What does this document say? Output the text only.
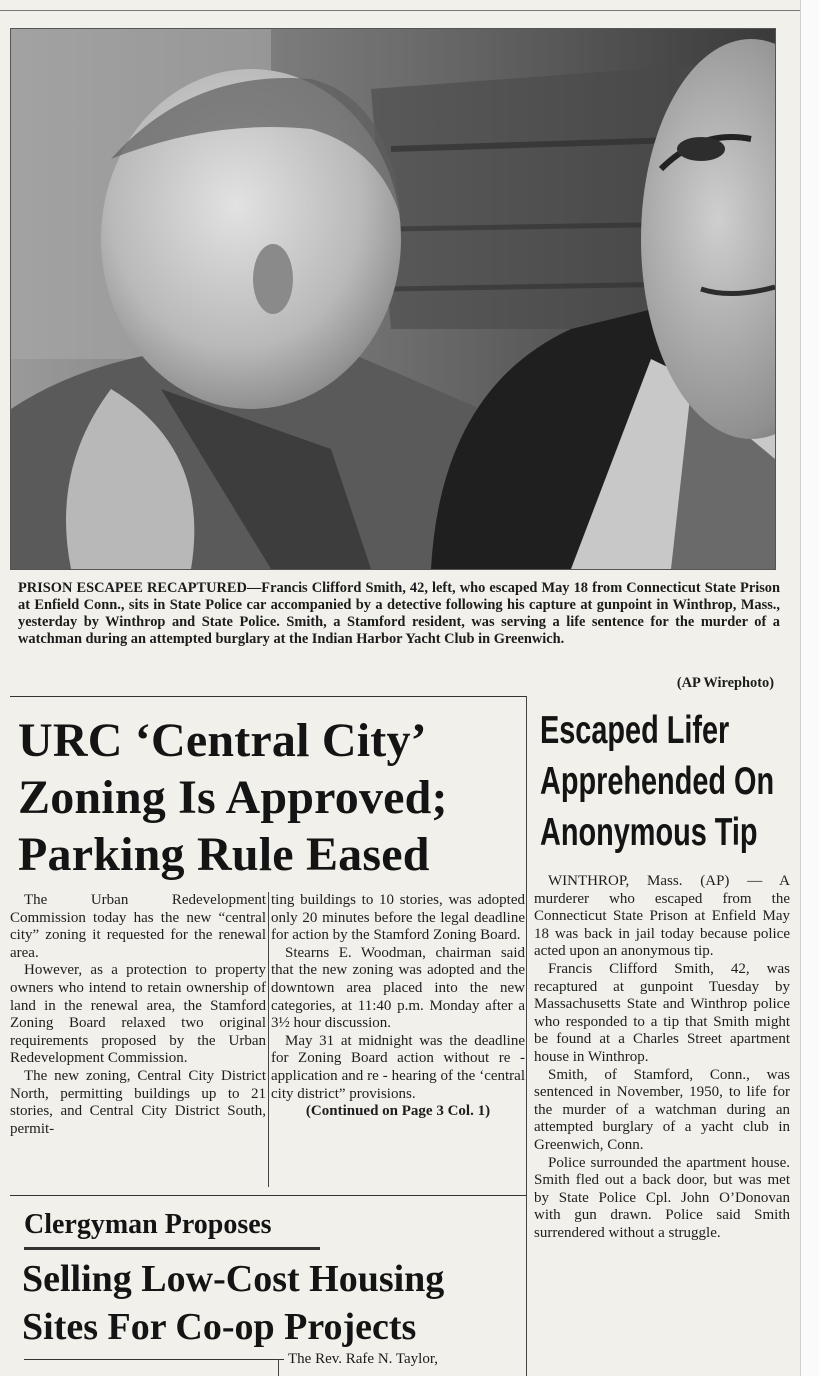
PRISON ESCAPEE RECAPTURED—Francis Clifford Smith, 42, left, who escaped May 18 from Connecticut State Prison at Enfield Conn., sits in State Police car accompanied by a detective following his capture at gunpoint in Winthrop, Mass., yesterday by Winthrop and State Police. Smith, a Stamford resident, was serving a life sentence for the murder of a watchman during an attempted burglary at the Indian Harbor Yacht Club in Greenwich.
(AP Wirephoto)
URC ‘Central City’
Zoning Is Approved;
Parking Rule Eased
Escaped Lifer
Apprehended On
Anonymous Tip

The Urban Redevelopment Commission today has the new “central city” zoning it requested for the renewal area.

However, as a protection to property owners who intend to retain ownership of land in the renewal area, the Stamford Zoning Board relaxed two original requirements proposed by the Urban Redevelopment Commission.

The new zoning, Central City District North, permitting buildings up to 21 stories, and Central City District South, permit-

ting buildings to 10 stories, was adopted only 20 minutes before the legal deadline for action by the Stamford Zoning Board.

Stearns E. Woodman, chairman said that the new zoning was adopted and the downtown area placed into the new categories, at 11:40 p.m. Monday after a 3½ hour discussion.

May 31 at midnight was the deadline for Zoning Board action without re - application and re - hearing of the ‘central city district” provisions.

(Continued on Page 3 Col. 1)

WINTHROP, Mass. (AP) — A murderer who escaped from the Connecticut State Prison at Enfield May 18 was back in jail today because police acted upon an anonymous tip.

Francis Clifford Smith, 42, was recaptured at gunpoint Tuesday by Massachusetts State and Winthrop police who responded to a tip that Smith might be found at a Charles Street apartment house in Winthrop.

Smith, of Stamford, Conn., was sentenced in November, 1950, to life for the murder of a watchman during an attempted burglary of a yacht club in Greenwich, Conn.

Police surrounded the apartment house. Smith fled out a back door, but was met by State Police Cpl. John O’Donovan with gun drawn. Police said Smith surrendered without a struggle.

Clergyman Proposes
Selling Low-Cost Housing
Sites For Co-op Projects
The Rev. Rafe N. Taylor,
